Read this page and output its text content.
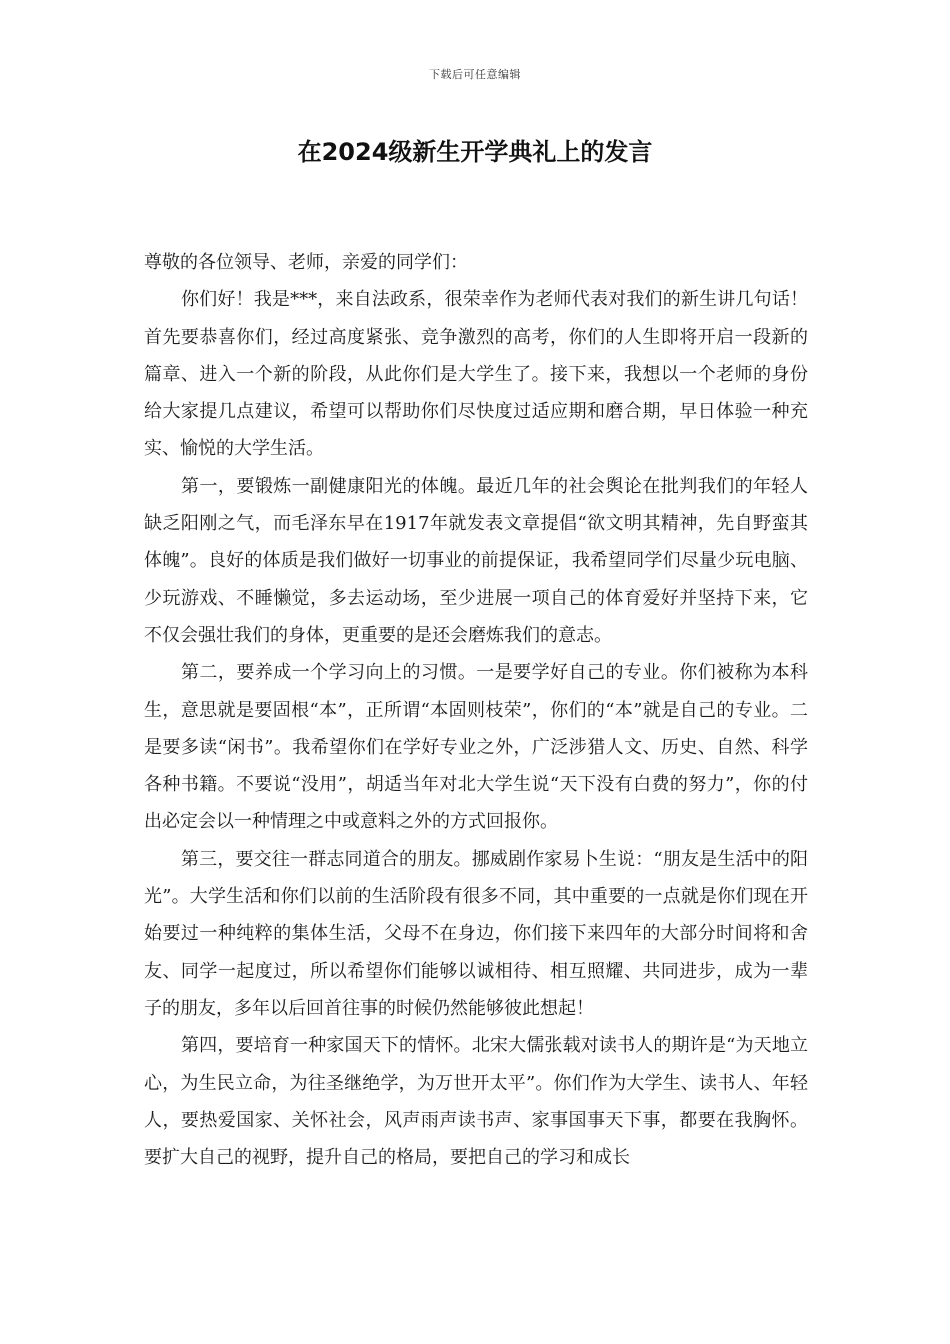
下载后可任意编辑
在2024级新生开学典礼上的发言

尊敬的各位领导、老师，亲爱的同学们：

你们好！我是***，来自法政系，很荣幸作为老师代表对我们的新生讲几句话！首先要恭喜你们，经过高度紧张、竞争激烈的高考，你们的人生即将开启一段新的篇章、进入一个新的阶段，从此你们是大学生了。接下来，我想以一个老师的身份给大家提几点建议，希望可以帮助你们尽快度过适应期和磨合期，早日体验一种充实、愉悦的大学生活。

第一，要锻炼一副健康阳光的体魄。最近几年的社会舆论在批判我们的年轻人缺乏阳刚之气，而毛泽东早在1917年就发表文章提倡“欲文明其精神，先自野蛮其体魄”。良好的体质是我们做好一切事业的前提保证，我希望同学们尽量少玩电脑、少玩游戏、不睡懒觉，多去运动场，至少进展一项自己的体育爱好并坚持下来，它不仅会强壮我们的身体，更重要的是还会磨炼我们的意志。

第二，要养成一个学习向上的习惯。一是要学好自己的专业。你们被称为本科生，意思就是要固根“本”，正所谓“本固则枝荣”，你们的“本”就是自己的专业。二是要多读“闲书”。我希望你们在学好专业之外，广泛涉猎人文、历史、自然、科学各种书籍。不要说“没用”，胡适当年对北大学生说“天下没有白费的努力”，你的付出必定会以一种情理之中或意料之外的方式回报你。

第三，要交往一群志同道合的朋友。挪威剧作家易卜生说：“朋友是生活中的阳光”。大学生活和你们以前的生活阶段有很多不同，其中重要的一点就是你们现在开始要过一种纯粹的集体生活，父母不在身边，你们接下来四年的大部分时间将和舍友、同学一起度过，所以希望你们能够以诚相待、相互照耀、共同进步，成为一辈子的朋友，多年以后回首往事的时候仍然能够彼此想起！

第四，要培育一种家国天下的情怀。北宋大儒张载对读书人的期许是“为天地立心，为生民立命，为往圣继绝学，为万世开太平”。你们作为大学生、读书人、年轻人，要热爱国家、关怀社会，风声雨声读书声、家事国事天下事，都要在我胸怀。要扩大自己的视野，提升自己的格局，要把自己的学习和成长
